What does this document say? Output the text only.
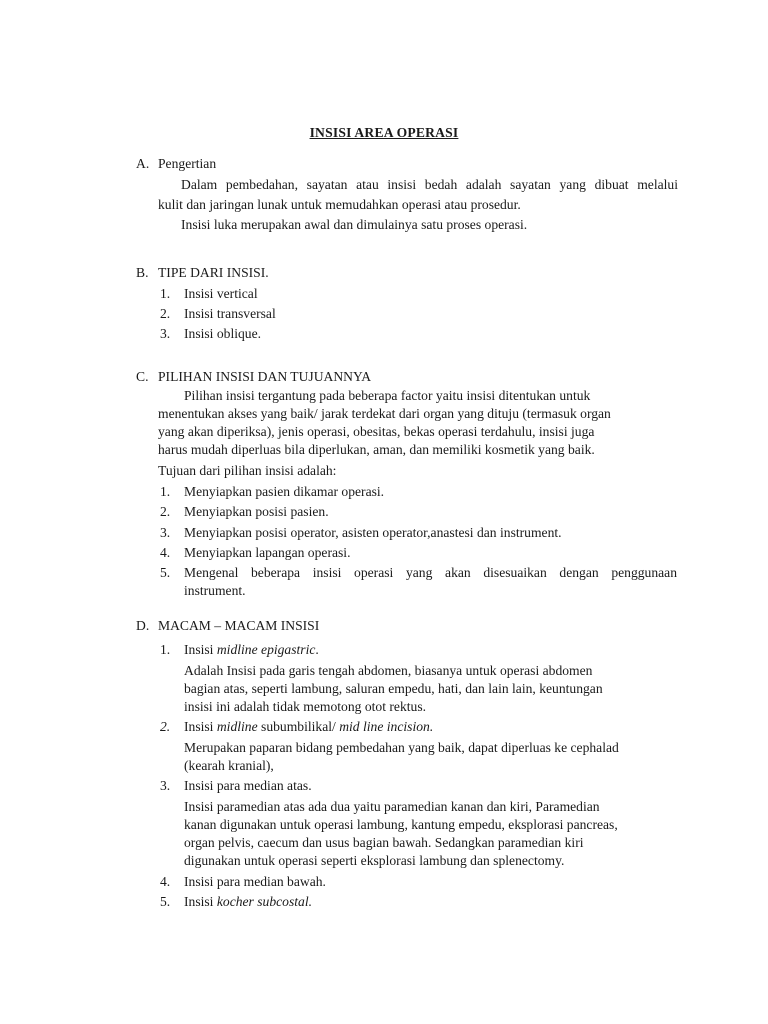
INSISI AREA OPERASI
A. Pengertian
Dalam pembedahan, sayatan atau insisi bedah adalah sayatan yang dibuat melalui
kulit dan jaringan lunak untuk memudahkan operasi atau prosedur.
Insisi luka merupakan awal dan dimulainya satu proses operasi.
B. TIPE DARI INSISI.
1. Insisi vertical
2. Insisi transversal
3. Insisi oblique.
C. PILIHAN INSISI DAN TUJUANNYA
Pilihan insisi tergantung pada beberapa factor yaitu insisi ditentukan untuk
menentukan akses yang baik/ jarak terdekat dari organ yang dituju (termasuk organ
yang akan diperiksa), jenis operasi, obesitas, bekas operasi terdahulu, insisi juga
harus mudah diperluas bila diperlukan, aman, dan memiliki kosmetik yang baik.
Tujuan dari pilihan insisi adalah:
1. Menyiapkan pasien dikamar operasi.
2. Menyiapkan posisi pasien.
3. Menyiapkan posisi operator, asisten operator,anastesi dan instrument.
4. Menyiapkan lapangan operasi.
5. Mengenal beberapa insisi operasi yang akan disesuaikan dengan penggunaan
instrument.
D. MACAM – MACAM INSISI
1. Insisi midline epigastric.
Adalah Insisi pada garis tengah abdomen, biasanya untuk operasi abdomen
bagian atas, seperti lambung, saluran empedu, hati, dan lain lain, keuntungan
insisi ini adalah tidak memotong otot rektus.
2. Insisi midline subumbilikal/ mid line incision.
Merupakan paparan bidang pembedahan yang baik, dapat diperluas ke cephalad
(kearah kranial),
3. Insisi para median atas.
Insisi paramedian atas ada dua yaitu paramedian kanan dan kiri, Paramedian
kanan digunakan untuk operasi lambung, kantung empedu, eksplorasi pancreas,
organ pelvis, caecum dan usus bagian bawah. Sedangkan paramedian kiri
digunakan untuk operasi seperti eksplorasi lambung dan splenectomy.
4. Insisi para median bawah.
5. Insisi kocher subcostal.
